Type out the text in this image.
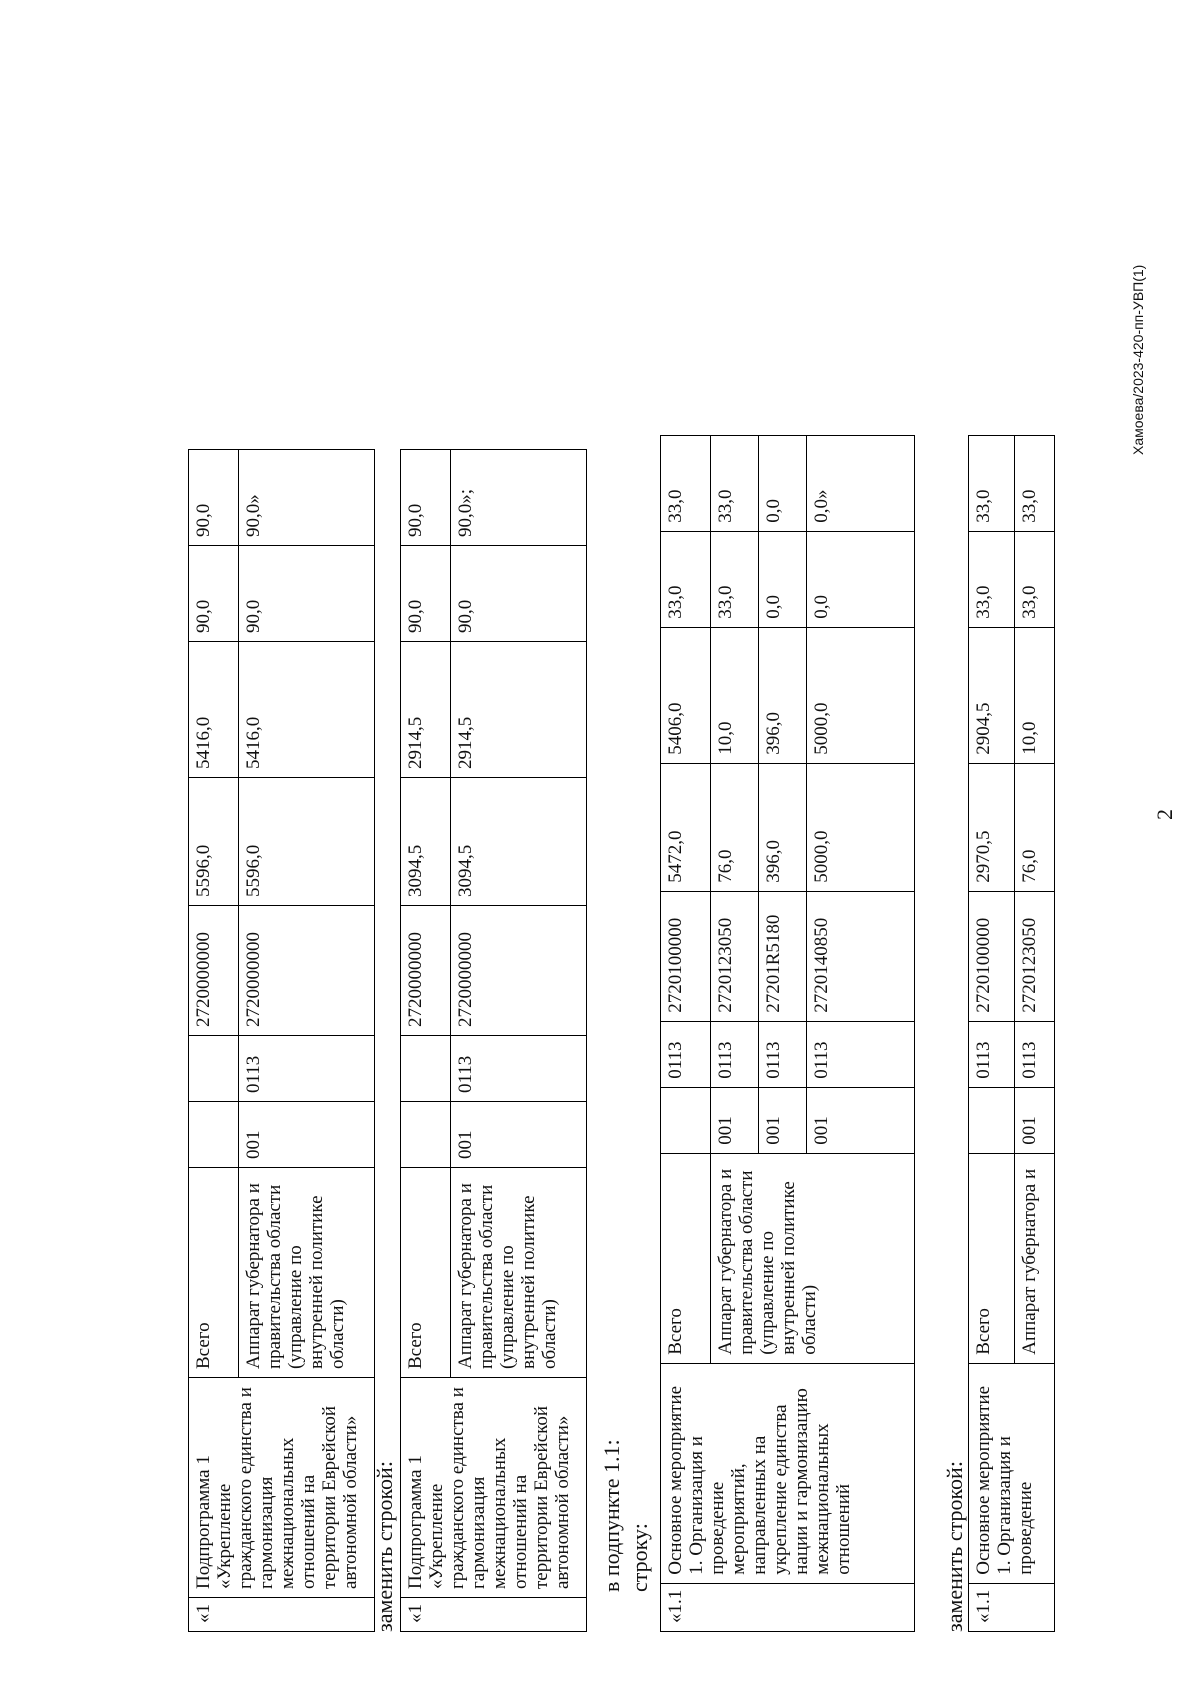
2
«1	Подпрограмма 1 «Укрепление гражданского единства и гармонизация межнациональных отношений на территории Еврейской автономной области»	Всего			2720000000	5596,0	5416,0	90,0	90,0
		Аппарат губернатора и правительства области (управление по внутренней политике области)	001	0113	2720000000	5596,0	5416,0	90,0	90,0»
заменить строкой: «1	Подпрограмма 1 «Укрепление гражданского единства и гармонизация межнациональных отношений на территории Еврейской автономной области»	Всего			2720000000	3094,5	2914,5	90,0	90,0
		Аппарат губернатора и правительства области (управление по внутренней политике области)	001	0113	2720000000	3094,5	2914,5	90,0	90,0»;
в подпункте 1.1: строку:
«1.1	Основное мероприятие 1. Организация и проведение мероприятий, направленных на укрепление единства нации и гармонизацию межнациональных отношений	Всего		0113	2720100000	5472,0	5406,0	33,0	33,0
		Аппарат губернатора и правительства области (управление по внутренней политике области)	001	0113	2720123050	76,0	10,0	33,0	33,0
			001	0113	27201R5180	396,0	396,0	0,0	0,0
			001	0113	2720140850	5000,0	5000,0	0,0	0,0»
заменить строкой: «1.1	Основное мероприятие 1. Организация и проведение	Всего		0113	2720100000	2970,5	2904,5	33,0	33,0
		Аппарат губернатора и	001	0113	2720123050	76,0	10,0	33,0	33,0
Хамоева/2023-420-пп-УВП(1)
